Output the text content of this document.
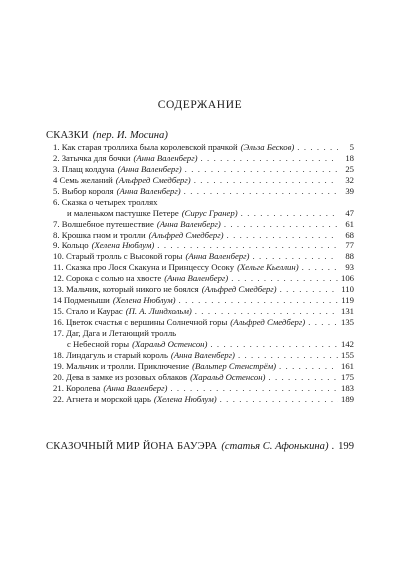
СОДЕРЖАНИЕ
СКАЗКИ (пер. И. Мосина)
1. Как старая троллиха была королевской прачкой (Эльза Бесков) . . .	5
2. Затычка для бочки (Анна Валенберг) . . .	18
3. Плащ колдуна (Анна Валенберг) . . .	25
4 Семь желаний (Альфред Смедберг) . . .	32
5. Выбор короля (Анна Валенберг) . . .	39
6. Сказка о четырех троллях
и маленьком пастушке Петере (Сирус Гранер) . . .	47
7. Волшебное путешествие (Анна Валенберг) . . .	61
8. Крошка гном и тролли (Альфред Смедберг) . . .	68
9. Кольцо (Хелена Нюблум) . . .	77
10. Старый тролль с Высокой горы (Анна Валенберг) . . .	88
11. Сказка про Лося Скакуна и Принцессу Осоку (Хельге Кьеллин) . . .	93
12. Сорока с солью на хвосте (Анна Валенберг) . . .	106
13. Мальчик, который никого не боялся (Альфред Смедберг) . . .	110
14 Подменыши (Хелена Нюблум) . . .	119
15. Стало и Каурас (П. А. Линдхольм) . . .	131
16. Цветок счастья с вершины Солнечной горы (Альфред Смедберг) . . .	135
17. Даг, Дага и Летающий тролль
с Небесной горы (Харальд Остенсон) . . .	142
18. Линдагуль и старый король (Анна Валенберг) . . .	155
19. Мальчик и тролли. Приключение (Вальтер Стенстрём) . . .	161
20. Дева в замке из розовых облаков (Харальд Остенсон) . . .	175
21. Королева (Анна Валенберг) . . .	183
22. Агнета и морской царь (Хелена Нюблум) . . .	189
СКАЗОЧНЫЙ МИР ЙОНА БАУЭРА (статья С. Афонькина) . . . 199
